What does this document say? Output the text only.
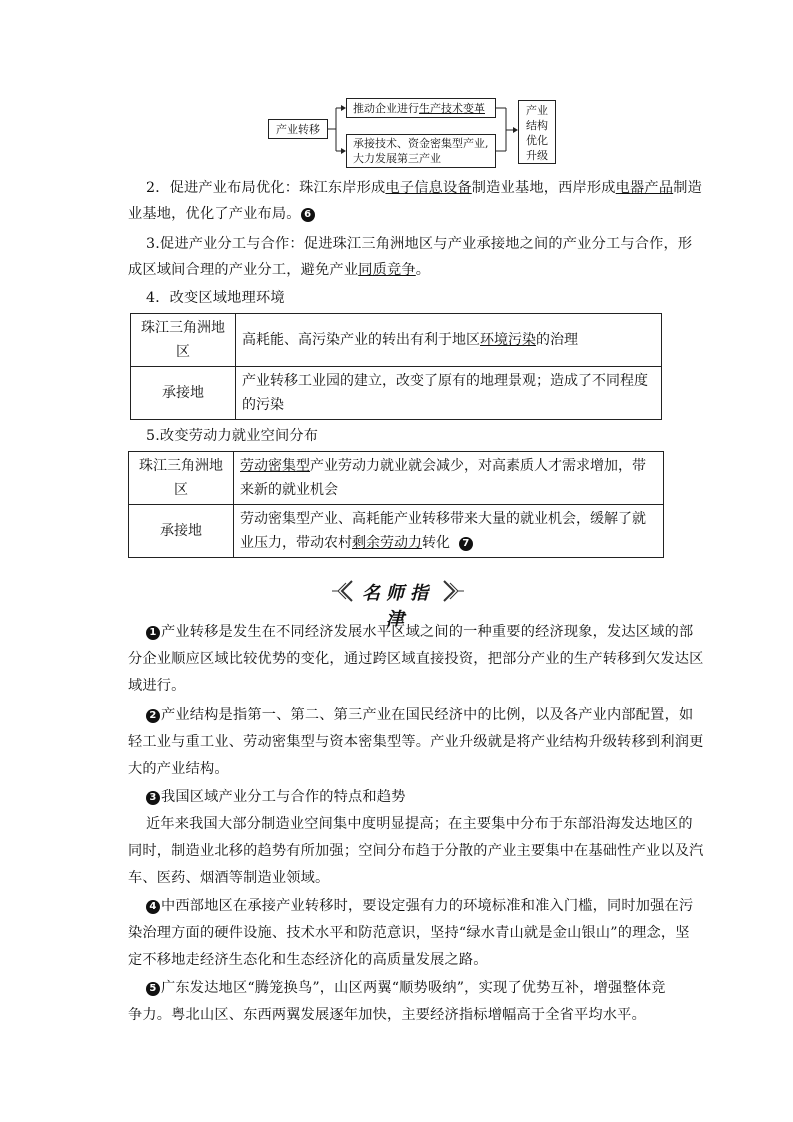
产业转移
推动企业进行生产技术变革
承接技术、资金密集型产业,
大力发展第三产业
产业
结构
优化
升级

2．促进产业布局优化：珠江东岸形成电子信息设备制造业基地，西岸形成电器产品制造

业基地，优化了产业布局。 6

3.促进产业分工与合作：促进珠江三角洲地区与产业承接地之间的产业分工与合作，形

成区域间合理的产业分工，避免产业同质竞争。

4．改变区域地理环境

珠江三角洲地
区	高耗能、高污染产业的转出有利于地区环境污染的治理
承接地	产业转移工业园的建立，改变了原有的地理景观；造成了不同程度
的污染

5.改变劳动力就业空间分布

珠江三角洲地
区	劳动密集型产业劳动力就业就会减少，对高素质人才需求增加，带
来新的就业机会
承接地	劳动密集型产业、高耗能产业转移带来大量的就业机会，缓解了就
业压力，带动农村剩余劳动力转化 7
名师指津

1 产业转移是发生在不同经济发展水平区域之间的一种重要的经济现象，发达区域的部

分企业顺应区域比较优势的变化，通过跨区域直接投资，把部分产业的生产转移到欠发达区

域进行。

2 产业结构是指第一、第二、第三产业在国民经济中的比例，以及各产业内部配置，如

轻工业与重工业、劳动密集型与资本密集型等。产业升级就是将产业结构升级转移到利润更

大的产业结构。

3 我国区域产业分工与合作的特点和趋势

近年来我国大部分制造业空间集中度明显提高；在主要集中分布于东部沿海发达地区的

同时，制造业北移的趋势有所加强；空间分布趋于分散的产业主要集中在基础性产业以及汽

车、医药、烟酒等制造业领域。

4 中西部地区在承接产业转移时，要设定强有力的环境标准和准入门槛，同时加强在污

染治理方面的硬件设施、技术水平和防范意识，坚持“绿水青山就是金山银山”的理念，坚

定不移地走经济生态化和生态经济化的高质量发展之路。

5 广东发达地区“腾笼换鸟”，山区两翼“顺势吸纳”，实现了优势互补，增强整体竞

争力。粤北山区、东西两翼发展逐年加快，主要经济指标增幅高于全省平均水平。
